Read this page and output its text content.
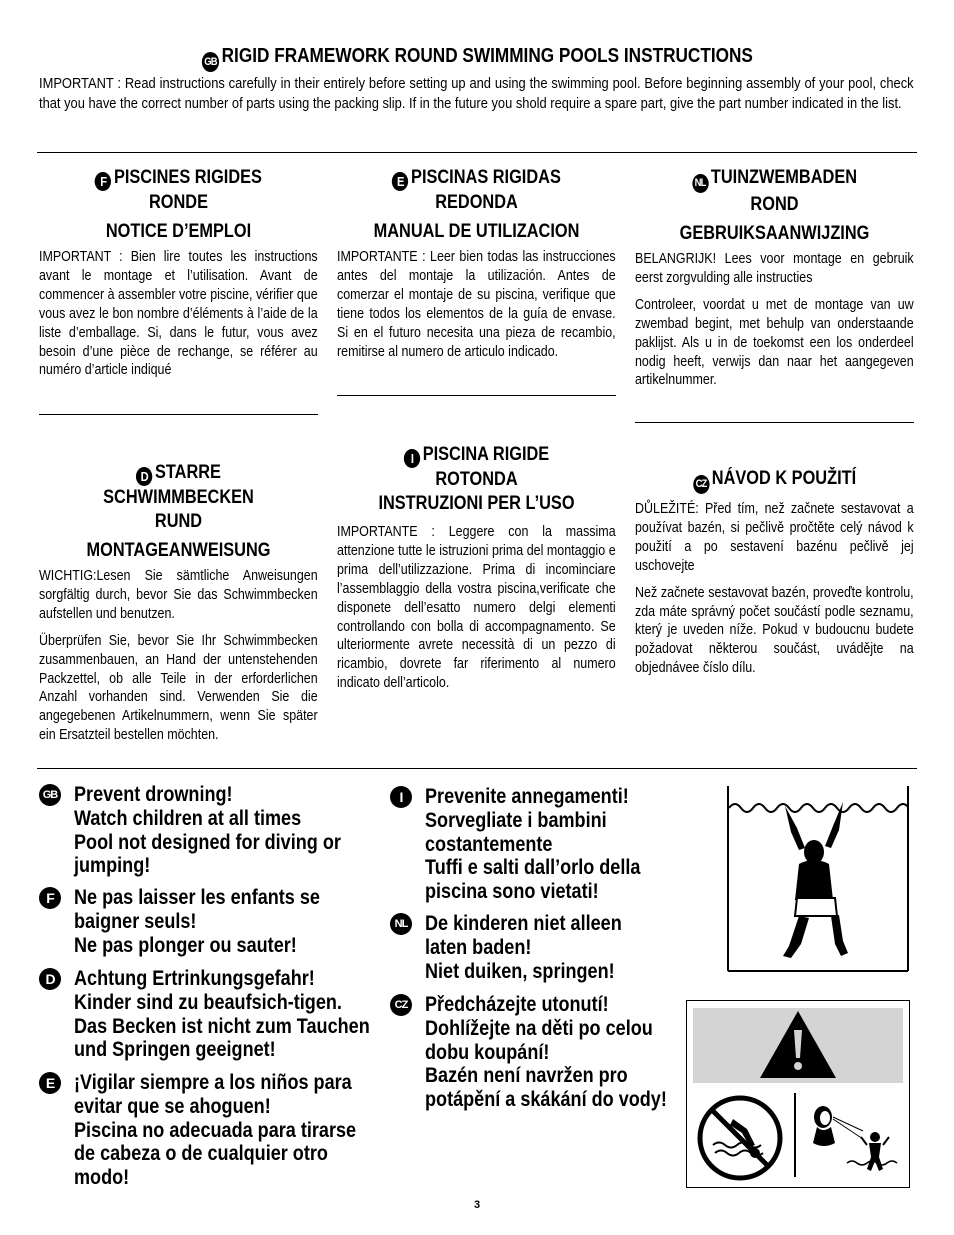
GB RIGID FRAMEWORK ROUND SWIMMING POOLS INSTRUCTIONS
IMPORTANT : Read instructions carefully in their entirely before setting up and using the swimming pool. Before beginning assembly of your pool, check that you have the correct number of parts using the packing slip. If in the future you shold require a spare part, give the part number indicated in the list.
F PISCINES RIGIDES
RONDE
NOTICE D’EMPLOI

IMPORTANT : Bien lire toutes les instructions avant le montage et l’utilisation. Avant de commencer à assembler votre piscine, vérifier que vous avez le bon nombre d’éléments à l’aide de la liste d’emballage. Si, dans le futur, vous avez besoin d’une pièce de rechange, se référer au numéro d’article indiqué

E PISCINAS RIGIDAS
REDONDA
MANUAL DE UTILIZACION

IMPORTANTE : Leer bien todas las instrucciones antes del montaje la utilización. Antes de comerzar el montaje de su piscina, verifique que tiene todos los elementos de la guía de envase. Si en el futuro necesita una pieza de recambio, remitirse al numero de articulo indicado.

NL TUINZWEMBADEN
ROND
GEBRUIKSAANWIJZING

BELANGRIJK! Lees voor montage en gebruik eerst zorgvulding alle instructies

Controleer, voordat u met de montage van uw zwembad begint, met behulp van onderstaande paklijst. Als u in de toekomst een los onderdeel nodig heeft, verwijs dan naar het aangegeven artikelnummer.

D STARRE SCHWIMMBECKEN
RUND
MONTAGEANWEISUNG

WICHTIG:Lesen Sie sämtliche Anweisungen sorgfältig durch, bevor Sie das Schwimmbecken aufstellen und benutzen.

Überprüfen Sie, bevor Sie Ihr Schwimmbecken zusammenbauen, an Hand der untenstehenden Packzettel, ob alle Teile in der erforderlichen Anzahl vorhanden sind. Verwenden Sie die angegebenen Artikelnummern, wenn Sie später ein Ersatzteil bestellen möchten.

I PISCINA RIGIDE
ROTONDA
INSTRUZIONI PER L’USO

IMPORTANTE : Leggere con la massima attenzione tutte le istruzioni prima del montaggio e prima dell’utilizzazione. Prima di incominciare l’assemblaggio della vostra piscina,verificate che disponete dell’esatto numero delgi elementi controllando con bolla di accompagnamento. Se ulteriormente avrete necessità di un pezzo di ricambio, dovrete far riferimento al numero indicato dell’articolo.

CZ NÁVOD K POUŽITÍ

DŮLEŽITÉ: Před tím, než začnete sestavovat a používat bazén, si pečlivě pročtěte celý návod k použití a po sestavení bazénu pečlivě jej uschovejte

Než začnete sestavovat bazén, proveďte kontrolu, zda máte správný počet součástí podle seznamu, který je uveden níže. Pokud v budoucnu budete požadovat některou součást, uvádějte na objednávee číslo dílu.

GB Prevent drowning!
Watch children at all times
Pool not designed for diving or
jumping!
F Ne pas laisser les enfants se
baigner seuls!
Ne pas plonger ou sauter!
D Achtung Ertrinkungsgefahr!
Kinder sind zu beaufsich-tigen.
Das Becken ist nicht zum Tauchen
und Springen geeignet!
E ¡Vigilar siempre a los niños para
evitar que se ahoguen!
Piscina no adecuada para tirarse
de cabeza o de cualquier otro
modo!
I	Prevenite annegamenti!
Sorvegliate i bambini
costantemente
Tuffi e salti dall’orlo della
piscina sono vietati!
NL De kinderen niet alleen
laten baden!
Niet duiken, springen!
CZ Předcházejte utonutí!
Dohlížejte na děti po celou
dobu koupání!
Bazén není navržen pro
potápění a skákání do vody!
3
